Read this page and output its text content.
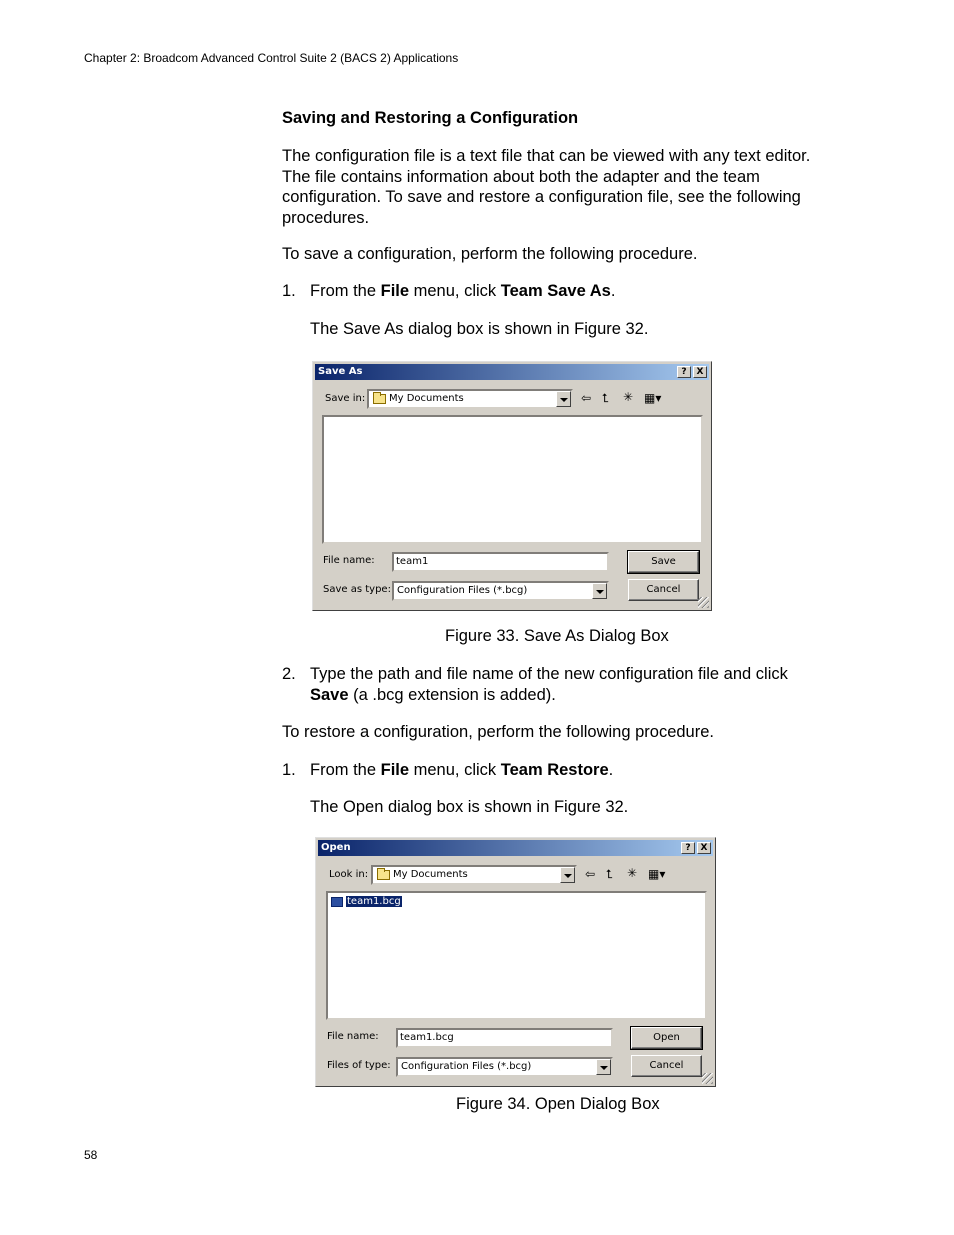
Chapter 2: Broadcom Advanced Control Suite 2 (BACS 2) Applications
Saving and Restoring a Configuration
The configuration file is a text file that can be viewed with any text editor.
The file contains information about both the adapter and the team
configuration. To save and restore a configuration file, see the following
procedures.

To save a configuration, perform the following procedure.

1. From the File menu, click Team Save As.

The Save As dialog box is shown in Figure 32.

Save As	?	X
Save in: My Documents	⇦ ⮤ ✳ ▦▾
File name:	team1
Save as type: Configuration Files (*.bcg)
Save
Cancel
Figure 33. Save As Dialog Box
2. Type the path and file name of the new configuration file and click
Save (a .bcg extension is added).

To restore a configuration, perform the following procedure.

1. From the File menu, click Team Restore.

The Open dialog box is shown in Figure 32.

Open	?	X
Look in: My Documents	⇦ ⮤ ✳ ▦▾
team1.bcg
File name:	team1.bcg
Files of type: Configuration Files (*.bcg)
Open
Cancel
Figure 34. Open Dialog Box
58
